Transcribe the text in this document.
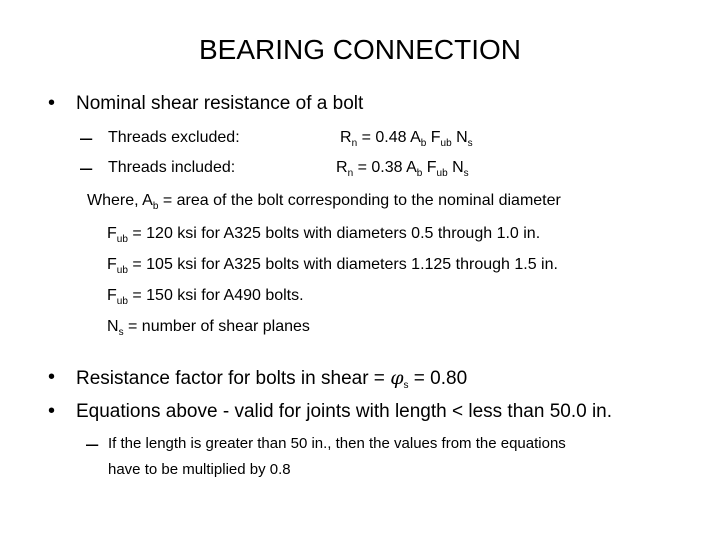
BEARING CONNECTION
• Nominal shear resistance of a bolt
– Threads excluded:	$R_n = 0.48$ $A_b$ $F_{ub}$ $N_s$
– Threads included:	$R_n = 0.38$ $A_b$ $F_{ub}$ $N_s$
Where, $A_b$ = area of the bolt corresponding to the nominal diameter
$F_{ub} = 120$ ksi for A325 bolts with diameters 0.5 through 1.0 in.
$F_{ub} = 105$ ksi for A325 bolts with diameters 1.125 through 1.5 in.
$F_{ub} = 150$ ksi for A490 bolts.
$N_s$ = number of shear planes
• Resistance factor for bolts in shear = $\varphi_s = 0.80$
• Equations above - valid for joints with length < less than 50.0 in.
– If the length is greater than 50 in., then the values from the equations
have to be multiplied by 0.8
